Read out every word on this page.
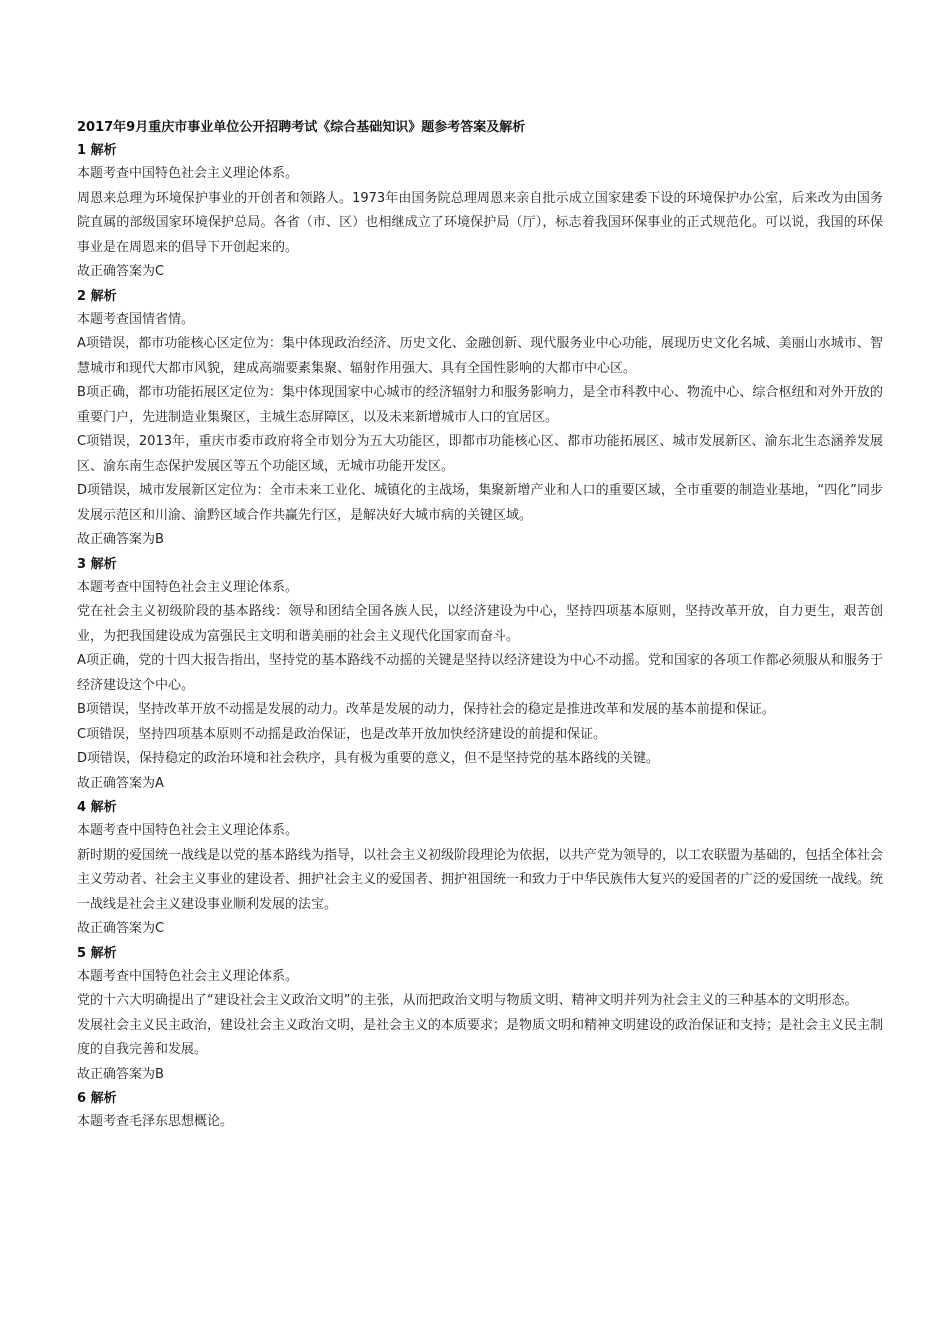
2017年9月重庆市事业单位公开招聘考试《综合基础知识》题参考答案及解析
1 解析
本题考查中国特色社会主义理论体系。
周恩来总理为环境保护事业的开创者和领路人。1973年由国务院总理周恩来亲自批示成立国家建委下设的环境保护办公室，后来改为由国务院直属的部级国家环境保护总局。各省（市、区）也相继成立了环境保护局（厅），标志着我国环保事业的正式规范化。可以说，我国的环保事业是在周恩来的倡导下开创起来的。
故正确答案为C
2 解析
本题考查国情省情。
A项错误，都市功能核心区定位为：集中体现政治经济、历史文化、金融创新、现代服务业中心功能，展现历史文化名城、美丽山水城市、智慧城市和现代大都市风貌，建成高端要素集聚、辐射作用强大、具有全国性影响的大都市中心区。
B项正确，都市功能拓展区定位为：集中体现国家中心城市的经济辐射力和服务影响力，是全市科教中心、物流中心、综合枢纽和对外开放的重要门户，先进制造业集聚区，主城生态屏障区，以及未来新增城市人口的宜居区。
C项错误，2013年，重庆市委市政府将全市划分为五大功能区，即都市功能核心区、都市功能拓展区、城市发展新区、渝东北生态涵养发展区、渝东南生态保护发展区等五个功能区域，无城市功能开发区。
D项错误，城市发展新区定位为：全市未来工业化、城镇化的主战场，集聚新增产业和人口的重要区域，全市重要的制造业基地，“四化”同步发展示范区和川渝、渝黔区域合作共赢先行区，是解决好大城市病的关键区域。
故正确答案为B
3 解析
本题考查中国特色社会主义理论体系。
党在社会主义初级阶段的基本路线：领导和团结全国各族人民，以经济建设为中心，坚持四项基本原则，坚持改革开放，自力更生，艰苦创业，为把我国建设成为富强民主文明和谐美丽的社会主义现代化国家而奋斗。
A项正确，党的十四大报告指出，坚持党的基本路线不动摇的关键是坚持以经济建设为中心不动摇。党和国家的各项工作都必须服从和服务于经济建设这个中心。
B项错误，坚持改革开放不动摇是发展的动力。改革是发展的动力，保持社会的稳定是推进改革和发展的基本前提和保证。
C项错误，坚持四项基本原则不动摇是政治保证，也是改革开放加快经济建设的前提和保证。
D项错误，保持稳定的政治环境和社会秩序，具有极为重要的意义，但不是坚持党的基本路线的关键。
故正确答案为A
4 解析
本题考查中国特色社会主义理论体系。
新时期的爱国统一战线是以党的基本路线为指导，以社会主义初级阶段理论为依据，以共产党为领导的，以工农联盟为基础的，包括全体社会主义劳动者、社会主义事业的建设者、拥护社会主义的爱国者、拥护祖国统一和致力于中华民族伟大复兴的爱国者的广泛的爱国统一战线。统一战线是社会主义建设事业顺利发展的法宝。
故正确答案为C
5 解析
本题考查中国特色社会主义理论体系。
党的十六大明确提出了“建设社会主义政治文明”的主张，从而把政治文明与物质文明、精神文明并列为社会主义的三种基本的文明形态。
发展社会主义民主政治，建设社会主义政治文明，是社会主义的本质要求；是物质文明和精神文明建设的政治保证和支持；是社会主义民主制度的自我完善和发展。
故正确答案为B
6 解析
本题考查毛泽东思想概论。
